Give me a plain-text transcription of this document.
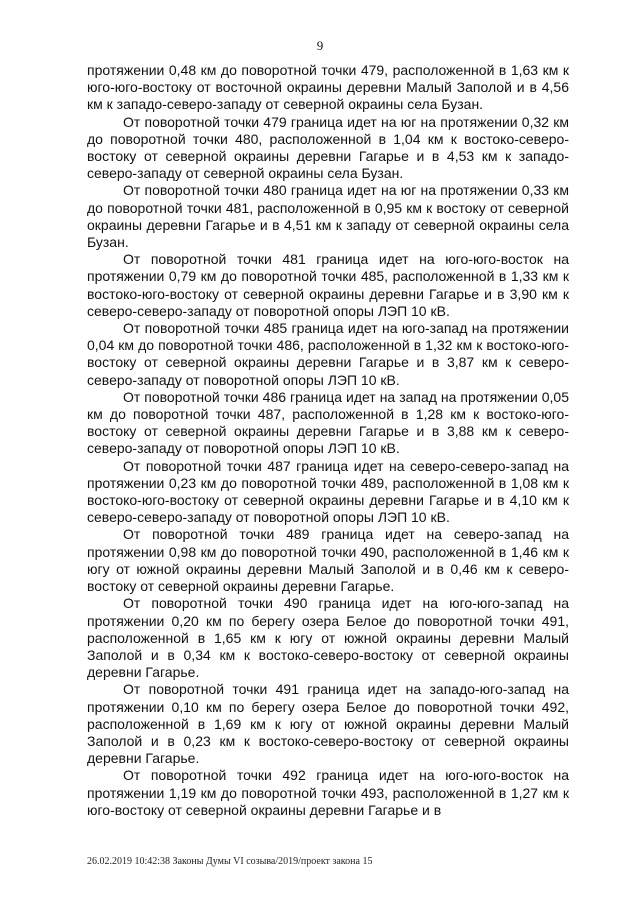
9

протяжении 0,48 км до поворотной точки 479, расположенной в 1,63 км к юго-юго-востоку от восточной окраины деревни Малый Заполой и в 4,56 км к западо-северо-западу от северной окраины села Бузан.

От поворотной точки 479 граница идет на юг на протяжении 0,32 км до поворотной точки 480, расположенной в 1,04 км к востоко-северо-востоку от северной окраины деревни Гагарье и в 4,53 км к западо-северо-западу от северной окраины села Бузан.

От поворотной точки 480 граница идет на юг на протяжении 0,33 км до поворотной точки 481, расположенной в 0,95 км к востоку от северной окраины деревни Гагарье и в 4,51 км к западу от северной окраины села Бузан.

От поворотной точки 481 граница идет на юго-юго-восток на протяжении 0,79 км до поворотной точки 485, расположенной в 1,33 км к востоко-юго-востоку от северной окраины деревни Гагарье и в 3,90 км к северо-северо-западу от поворотной опоры ЛЭП 10 кВ.

От поворотной точки 485 граница идет на юго-запад на протяжении 0,04 км до поворотной точки 486, расположенной в 1,32 км к востоко-юго-востоку от северной окраины деревни Гагарье и в 3,87 км к северо-северо-западу от поворотной опоры ЛЭП 10 кВ.

От поворотной точки 486 граница идет на запад на протяжении 0,05 км до поворотной точки 487, расположенной в 1,28 км к востоко-юго-востоку от северной окраины деревни Гагарье и в 3,88 км к северо-северо-западу от поворотной опоры ЛЭП 10 кВ.

От поворотной точки 487 граница идет на северо-северо-запад на протяжении 0,23 км до поворотной точки 489, расположенной в 1,08 км к востоко-юго-востоку от северной окраины деревни Гагарье и в 4,10 км к северо-северо-западу от поворотной опоры ЛЭП 10 кВ.

От поворотной точки 489 граница идет на северо-запад на протяжении 0,98 км до поворотной точки 490, расположенной в 1,46 км к югу от южной окраины деревни Малый Заполой и в 0,46 км к северо-востоку от северной окраины деревни Гагарье.

От поворотной точки 490 граница идет на юго-юго-запад на протяжении 0,20 км по берегу озера Белое до поворотной точки 491, расположенной в 1,65 км к югу от южной окраины деревни Малый Заполой и в 0,34 км к востоко-северо-востоку от северной окраины деревни Гагарье.

От поворотной точки 491 граница идет на западо-юго-запад на протяжении 0,10 км по берегу озера Белое до поворотной точки 492, расположенной в 1,69 км к югу от южной окраины деревни Малый Заполой и в 0,23 км к востоко-северо-востоку от северной окраины деревни Гагарье.

От поворотной точки 492 граница идет на юго-юго-восток на протяжении 1,19 км до поворотной точки 493, расположенной в 1,27 км к юго-востоку от северной окраины деревни Гагарье и в

26.02.2019 10:42:38 Законы Думы VI созыва/2019/проект закона 15
